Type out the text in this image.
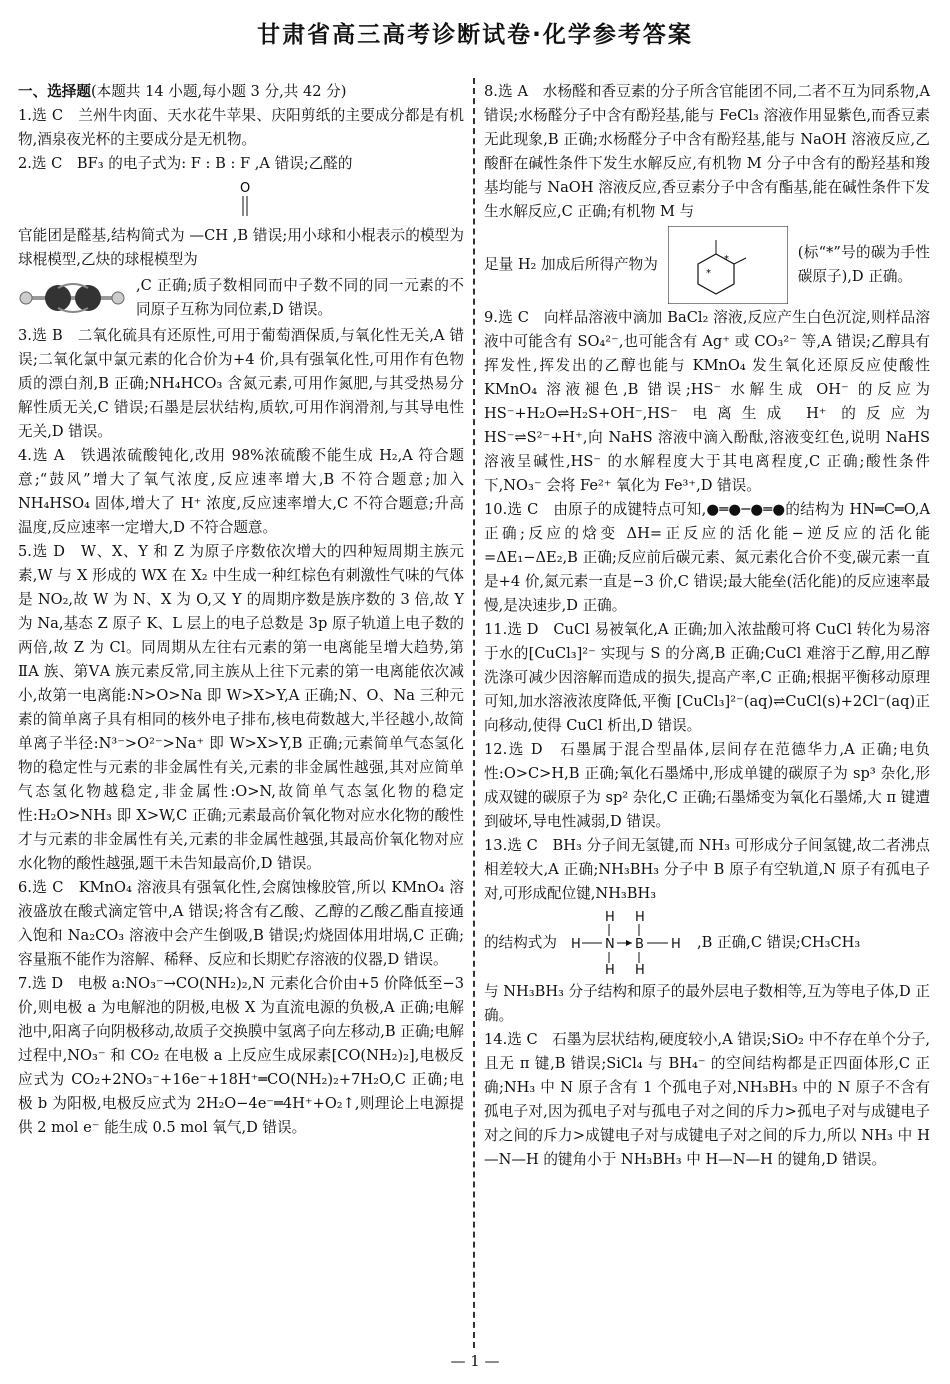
甘肃省高三高考诊断试卷·化学参考答案

一、选择题(本题共 14 小题,每小题 3 分,共 42 分)

1.选 C　兰州牛肉面、天水花牛苹果、庆阳剪纸的主要成分都是有机物,酒泉夜光杯的主要成分是无机物。

2.选 C　BF₃ 的电子式为: F : B : F ,A 错误;乙醛的

O

官能团是醛基,结构简式为 —CH ,B 错误;用小球和小棍表示的模型为球棍模型,乙炔的球棍模型为

,C 正确;质子数相同而中子数不同的同一元素的不同原子互称为同位素,D 错误。

3.选 B　二氧化硫具有还原性,可用于葡萄酒保质,与氧化性无关,A 错误;二氧化氯中氯元素的化合价为+4 价,具有强氧化性,可用作有色物质的漂白剂,B 正确;NH₄HCO₃ 含氮元素,可用作氮肥,与其受热易分解性质无关,C 错误;石墨是层状结构,质软,可用作润滑剂,与其导电性无关,D 错误。

4.选 A　铁遇浓硫酸钝化,改用 98%浓硫酸不能生成 H₂,A 符合题意;“鼓风”增大了氧气浓度,反应速率增大,B 不符合题意;加入 NH₄HSO₄ 固体,增大了 H⁺ 浓度,反应速率增大,C 不符合题意;升高温度,反应速率一定增大,D 不符合题意。

5.选 D　W、X、Y 和 Z 为原子序数依次增大的四种短周期主族元素,W 与 X 形成的 WX 在 X₂ 中生成一种红棕色有刺激性气味的气体是 NO₂,故 W 为 N、X 为 O,又 Y 的周期序数是族序数的 3 倍,故 Y 为 Na,基态 Z 原子 K、L 层上的电子总数是 3p 原子轨道上电子数的两倍,故 Z 为 Cl。同周期从左往右元素的第一电离能呈增大趋势,第ⅡA 族、第ⅤA 族元素反常,同主族从上往下元素的第一电离能依次减小,故第一电离能:N>O>Na 即 W>X>Y,A 正确;N、O、Na 三种元素的简单离子具有相同的核外电子排布,核电荷数越大,半径越小,故简单离子半径:N³⁻>O²⁻>Na⁺ 即 W>X>Y,B 正确;元素简单气态氢化物的稳定性与元素的非金属性有关,元素的非金属性越强,其对应简单气态氢化物越稳定,非金属性:O>N,故简单气态氢化物的稳定性:H₂O>NH₃ 即 X>W,C 正确;元素最高价氧化物对应水化物的酸性才与元素的非金属性有关,元素的非金属性越强,其最高价氧化物对应水化物的酸性越强,题干未告知最高价,D 错误。

6.选 C　KMnO₄ 溶液具有强氧化性,会腐蚀橡胶管,所以 KMnO₄ 溶液盛放在酸式滴定管中,A 错误;将含有乙酸、乙醇的乙酸乙酯直接通入饱和 Na₂CO₃ 溶液中会产生倒吸,B 错误;灼烧固体用坩埚,C 正确;容量瓶不能作为溶解、稀释、反应和长期贮存溶液的仪器,D 错误。

7.选 D　电极 a:NO₃⁻→CO(NH₂)₂,N 元素化合价由+5 价降低至−3 价,则电极 a 为电解池的阴极,电极 X 为直流电源的负极,A 正确;电解池中,阳离子向阴极移动,故质子交换膜中氢离子向左移动,B 正确;电解过程中,NO₃⁻ 和 CO₂ 在电极 a 上反应生成尿素[CO(NH₂)₂],电极反应式为 CO₂+2NO₃⁻+16e⁻+18H⁺═CO(NH₂)₂+7H₂O,C 正确;电极 b 为阳极,电极反应式为 2H₂O−4e⁻═4H⁺+O₂↑,则理论上电源提供 2 mol e⁻ 能生成 0.5 mol 氧气,D 错误。

8.选 A　水杨醛和香豆素的分子所含官能团不同,二者不互为同系物,A 错误;水杨醛分子中含有酚羟基,能与 FeCl₃ 溶液作用显紫色,而香豆素无此现象,B 正确;水杨醛分子中含有酚羟基,能与 NaOH 溶液反应,乙酸酐在碱性条件下发生水解反应,有机物 M 分子中含有的酚羟基和羧基均能与 NaOH 溶液反应,香豆素分子中含有酯基,能在碱性条件下发生水解反应,C 正确;有机物 M 与

足量 H₂ 加成后所得产物为	*
*

(标“*”号的碳为手性碳原子),D 正确。

9.选 C　向样品溶液中滴加 BaCl₂ 溶液,反应产生白色沉淀,则样品溶液中可能含有 SO₄²⁻,也可能含有 Ag⁺ 或 CO₃²⁻ 等,A 错误;乙醇具有挥发性,挥发出的乙醇也能与 KMnO₄ 发生氧化还原反应使酸性 KMnO₄ 溶液褪色,B 错误;HS⁻ 水解生成 OH⁻ 的反应为 HS⁻+H₂O⇌H₂S+OH⁻,HS⁻ 电离生成 H⁺ 的反应为 HS⁻⇌S²⁻+H⁺,向 NaHS 溶液中滴入酚酞,溶液变红色,说明 NaHS 溶液呈碱性,HS⁻ 的水解程度大于其电离程度,C 正确;酸性条件下,NO₃⁻ 会将 Fe²⁺ 氧化为 Fe³⁺,D 错误。

10.选 C　由原子的成键特点可知,●═●─●═●的结构为 HN═C═O,A 正确;反应的焓变 ΔH=正反应的活化能−逆反应的活化能=ΔE₁−ΔE₂,B 正确;反应前后碳元素、氮元素化合价不变,碳元素一直是+4 价,氮元素一直是−3 价,C 错误;最大能垒(活化能)的反应速率最慢,是决速步,D 正确。

11.选 D　CuCl 易被氧化,A 正确;加入浓盐酸可将 CuCl 转化为易溶于水的[CuCl₃]²⁻ 实现与 S 的分离,B 正确;CuCl 难溶于乙醇,用乙醇洗涤可减少因溶解而造成的损失,提高产率,C 正确;根据平衡移动原理可知,加水溶液浓度降低,平衡 [CuCl₃]²⁻(aq)⇌CuCl(s)+2Cl⁻(aq)正向移动,使得 CuCl 析出,D 错误。

12.选 D　石墨属于混合型晶体,层间存在范德华力,A 正确;电负性:O>C>H,B 正确;氧化石墨烯中,形成单键的碳原子为 sp³ 杂化,形成双键的碳原子为 sp² 杂化,C 正确;石墨烯变为氧化石墨烯,大 π 键遭到破坏,导电性减弱,D 错误。

13.选 C　BH₃ 分子间无氢键,而 NH₃ 可形成分子间氢键,故二者沸点相差较大,A 正确;NH₃BH₃ 分子中 B 原子有空轨道,N 原子有孤电子对,可形成配位键,NH₃BH₃

的结构式为

H H
H N B H
H H

,B 正确,C 错误;CH₃CH₃

与 NH₃BH₃ 分子结构和原子的最外层电子数相等,互为等电子体,D 正确。

14.选 C　石墨为层状结构,硬度较小,A 错误;SiO₂ 中不存在单个分子,且无 π 键,B 错误;SiCl₄ 与 BH₄⁻ 的空间结构都是正四面体形,C 正确;NH₃ 中 N 原子含有 1 个孤电子对,NH₃BH₃ 中的 N 原子不含有孤电子对,因为孤电子对与孤电子对之间的斥力>孤电子对与成键电子对之间的斥力>成键电子对与成键电子对之间的斥力,所以 NH₃ 中 H—N—H 的键角小于 NH₃BH₃ 中 H—N—H 的键角,D 错误。

— 1 —
